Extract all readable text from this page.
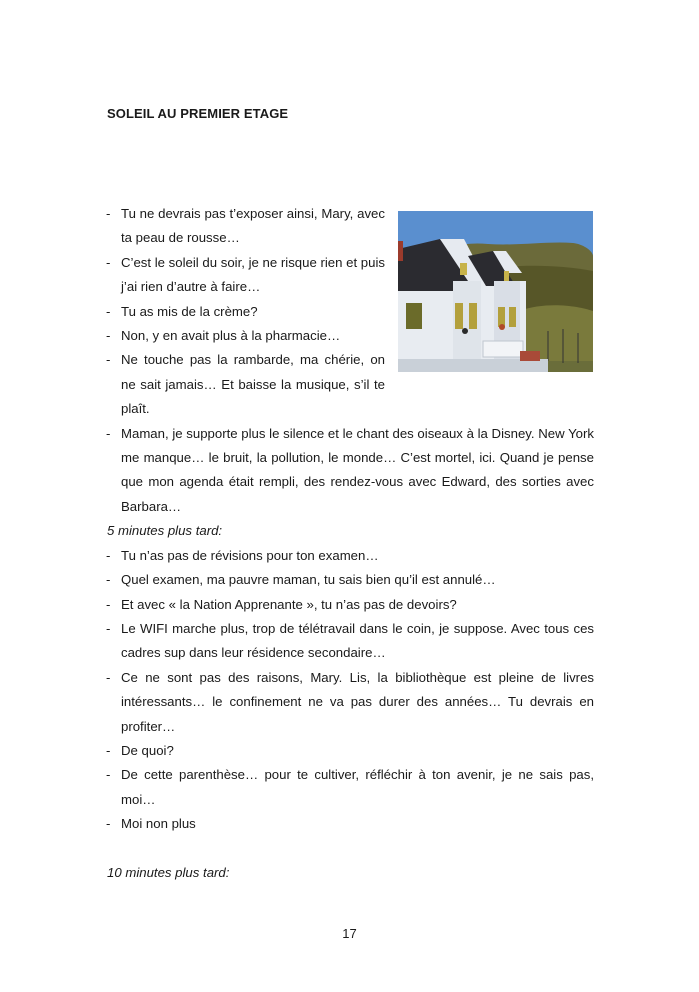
SOLEIL AU PREMIER ETAGE

- Tu ne devrais pas t’exposer ainsi, Mary, avec ta peau de rousse…

- C’est le soleil du soir, je ne risque rien et puis j’ai rien d’autre à faire…

- Tu as mis de la crème?

- Non, y en avait plus à la pharmacie…

- Ne touche pas la rambarde, ma chérie, on ne sait jamais… Et baisse la musique, s’il te plaît.

- Maman, je supporte plus le silence et le chant des oiseaux à la Disney. New York me manque… le bruit, la pollution, le monde… C’est mortel, ici. Quand je pense que mon agenda était rempli, des rendez-vous avec Edward, des sorties avec Barbara…

5 minutes plus tard:

- Tu n’as pas de révisions pour ton examen…

- Quel examen, ma pauvre maman, tu sais bien qu’il est annulé…

- Et avec « la Nation Apprenante », tu n’as pas de devoirs?

- Le WIFI marche plus, trop de télétravail dans le coin, je suppose. Avec tous ces cadres sup dans leur résidence secondaire…

- Ce ne sont pas des raisons, Mary. Lis, la bibliothèque est pleine de livres intéressants… le confinement ne va pas durer des années… Tu devrais en profiter…

- De quoi?

- De cette parenthèse… pour te cultiver, réfléchir à ton avenir, je ne sais pas, moi…

- Moi non plus

10 minutes plus tard:

17
